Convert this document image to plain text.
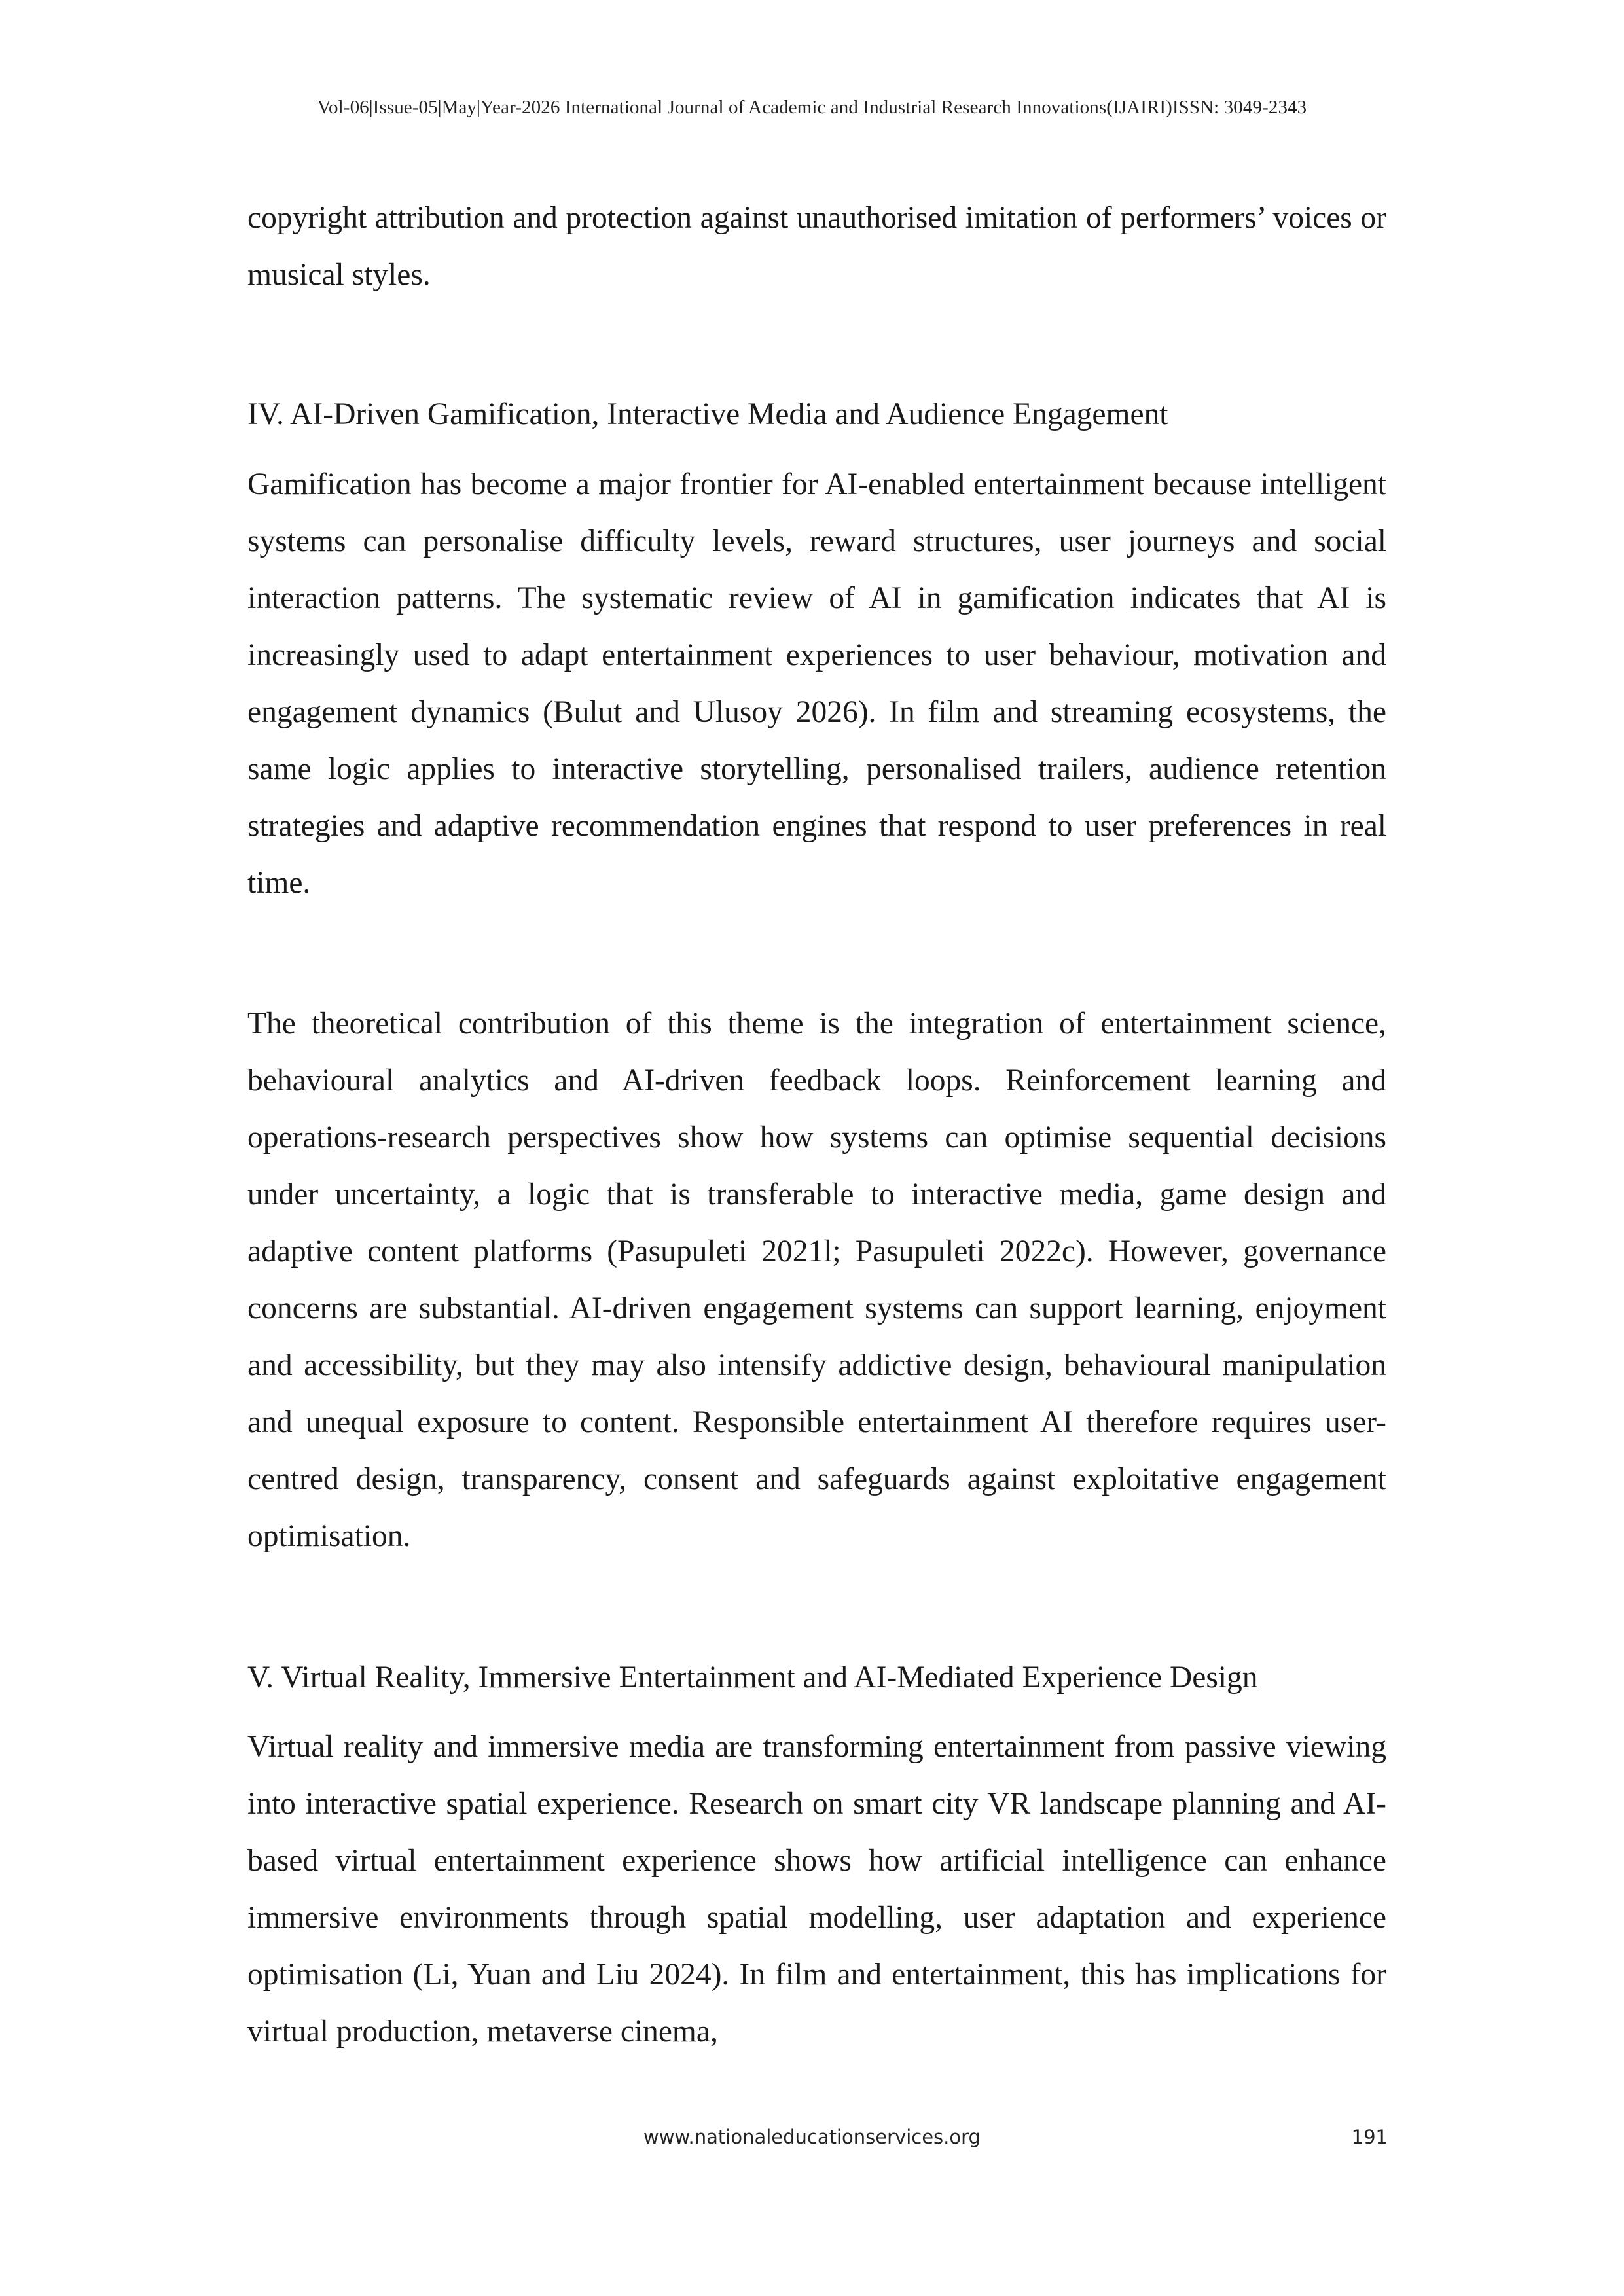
Vol-06|Issue-05|May|Year-2026 International Journal of Academic and Industrial Research Innovations(IJAIRI)ISSN: 3049-2343

copyright attribution and protection against unauthorised imitation of performers’ voices or musical styles.

IV. AI-Driven Gamification, Interactive Media and Audience Engagement

Gamification has become a major frontier for AI-enabled entertainment because intelligent systems can personalise difficulty levels, reward structures, user journeys and social interaction patterns. The systematic review of AI in gamification indicates that AI is increasingly used to adapt entertainment experiences to user behaviour, motivation and engagement dynamics (Bulut and Ulusoy 2026). In film and streaming ecosystems, the same logic applies to interactive storytelling, personalised trailers, audience retention strategies and adaptive recommendation engines that respond to user preferences in real time.

The theoretical contribution of this theme is the integration of entertainment science, behavioural analytics and AI-driven feedback loops. Reinforcement learning and operations-research perspectives show how systems can optimise sequential decisions under uncertainty, a logic that is transferable to interactive media, game design and adaptive content platforms (Pasupuleti 2021l; Pasupuleti 2022c). However, governance concerns are substantial. AI-driven engagement systems can support learning, enjoyment and accessibility, but they may also intensify addictive design, behavioural manipulation and unequal exposure to content. Responsible entertainment AI therefore requires user-centred design, transparency, consent and safeguards against exploitative engagement optimisation.

V. Virtual Reality, Immersive Entertainment and AI-Mediated Experience Design

Virtual reality and immersive media are transforming entertainment from passive viewing into interactive spatial experience. Research on smart city VR landscape planning and AI-based virtual entertainment experience shows how artificial intelligence can enhance immersive environments through spatial modelling, user adaptation and experience optimisation (Li, Yuan and Liu 2024). In film and entertainment, this has implications for virtual production, metaverse cinema,

www.nationaleducationservices.org	191
